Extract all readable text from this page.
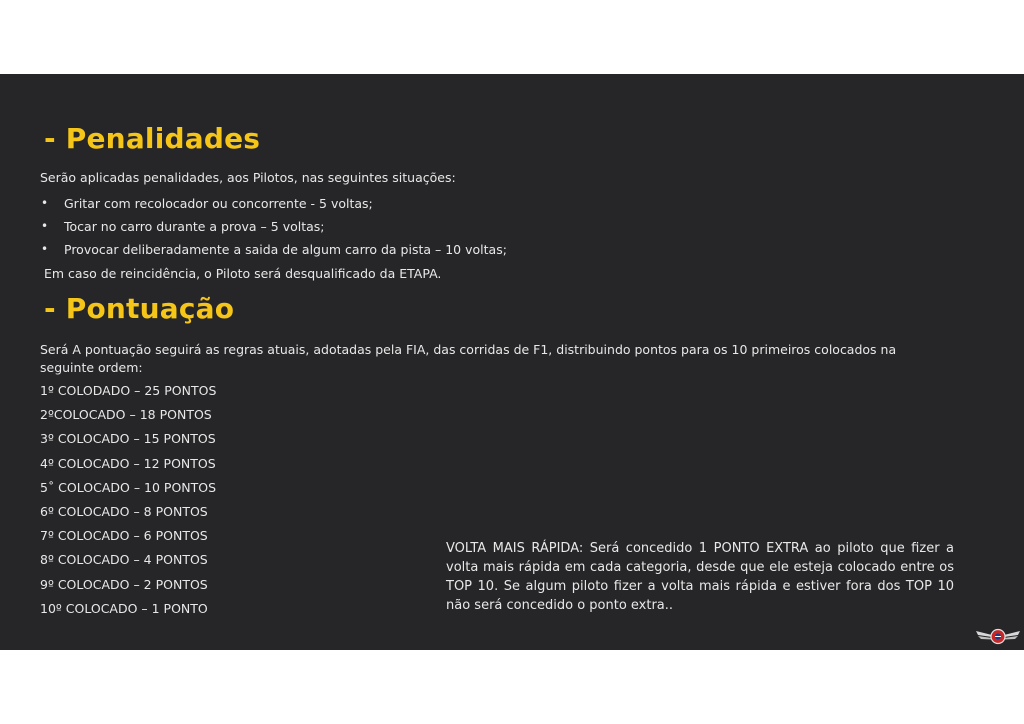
- Penalidades

Serão aplicadas penalidades, aos Pilotos, nas seguintes situações:

• Gritar com recolocador ou concorrente - 5 voltas;
• Tocar no carro durante a prova – 5 voltas;
• Provocar deliberadamente a saida de algum carro da pista – 10 voltas;

Em caso de reincidência, o Piloto será desqualificado da ETAPA.

- Pontuação

Será A pontuação seguirá as regras atuais, adotadas pela FIA, das corridas de F1, distribuindo pontos para os 10 primeiros colocados na seguinte ordem:

1º COLODADO – 25 PONTOS
2ºCOLOCADO – 18 PONTOS
3º COLOCADO – 15 PONTOS
4º COLOCADO – 12 PONTOS
5˚ COLOCADO – 10 PONTOS
6º COLOCADO – 8 PONTOS
7º COLOCADO – 6 PONTOS
8º COLOCADO – 4 PONTOS
9º COLOCADO – 2 PONTOS
10º COLOCADO – 1 PONTO

VOLTA MAIS RÁPIDA: Será concedido 1 PONTO EXTRA ao piloto que fizer a volta mais rápida em cada categoria, desde que ele esteja colocado entre os TOP 10. Se algum piloto fizer a volta mais rápida e estiver fora dos TOP 10 não será concedido o ponto extra..
